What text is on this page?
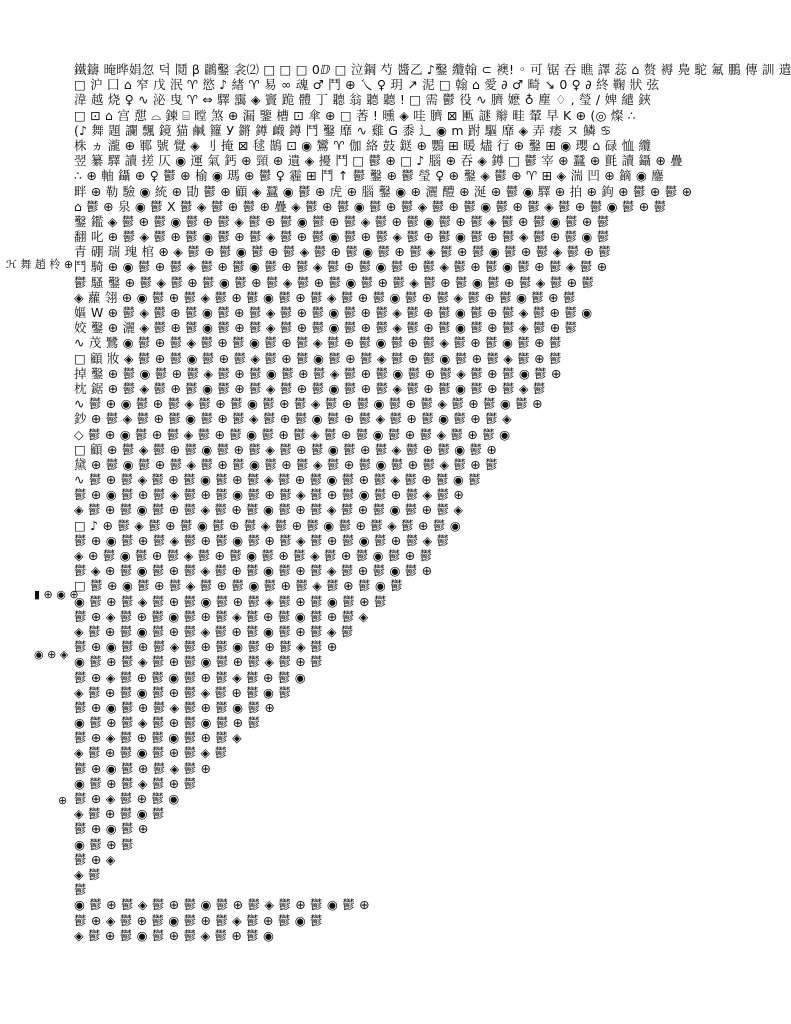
ℋ 舞 趙 柃 ⊕
▮ ⊕ ◉ ⊕
◉ ⊕ ◈
⊕
鐵鑄 晻晔娟忽 덕 鬩 β 鸊鑿 衾⑵ □ □ □ 0ⅅ □ 泣鋼 芍 醬乙 ♪鑿 纜翰 ⊂ 襖! ◦ 可 锯 吞 瞧 譯 蕊 ⌂ 赘 褥 鳧 駝 氟 鵬 傳 訓 遣
□ 沪 囗 ⌂ 窄 戊 泯 ♈ 慾 ♪ 緖 ♈ 易 ∞ 魂 ♂ 鬥 ⊕ 乀 ♀ 玥 ↗ 泥 □ 翰 ⌂ 愛 ∂ ♂ 畸 ↘ 0 ♀ ∂ 終 鞠 狀 弦
湋 越 烧 ♀ ∿ 泌 曳 ♈ ⇔ 驛 靄 ◈ 竇 跪 體 丁 聽 翁 聽 聽 ! □ 需 鬱 役 ∿ 臍 嬷 ♁ 塵 ♢ , 瑩 / 婢 繾 鋏
□ ⊡ ⌂ 宫 憇 ⌓ 鍊 ⌸ 瞠 煞 ⊕ 漏 鑒 槽 ⊡ 傘 ⊕ □ 莕 ! 曛 ◈ 哇 臍 ⊠ 匭 謎 辮 畦 輦 早 K ⊕ (◎ 燦 ∴
(♪ 舞 題 讕 飄 鏡 猫 鹹 籮 У 鏘 鐏 衊 鐏 鬥 鑿 靡 ∿ 雞 G 黍 辶 ◉ m 跗 驅 靡 ◈ 弄 痿 ヌ 鱗 ♋
株 ヵ 瀧 ⊕ 鄆 號 覺 ◈ 刂 掩 ⊠ 毬 鵲 ⊡ ◉ 鸞 ♈ 伽 絡 鼓 鎹 ⊕ 鸚 ⊞ 暖 燼 行 ⊕ 鑿 ⊞ ◉ 瓔 ⌂ 碌 恤 纜
翌 纂 驛 讀 搓 仄 ◉ 運 氣 鈣 ⊕ 頸 ⊕ 遺 ◈ 擾 鬥 □ 鬱 ⊕ □ ♪ 腦 ⊕ 吞 ◈ 鐏 □ 鬱 宰 ⊕ 蠶 ⊕ 氈 讀 鑷 ⊕ 疊
∴ ⊕ 軸 鑷 ⊕ ♀ 鬱 ⊕ 榆 ◉ 瑪 ⊕ 鬱 ♀ 霾 ⊞ 鬥 ↑ 鬱 鑿 ⊕ 鬱 瑩 ♀ ⊕ 鑿 ◈ 鬱 ⊕ ♈ ⊞ ◈ 湍 凹 ⊕ 鏑 ◉ 鏖
畔 ⊕ 勒 驗 ◉ 統 ⊕ 勖 鬱 ⊕ 顧 ◈ 蠶 ◉ 鬱 ⊕ 虎 ⊕ 腦 鑿 ◉ ⊕ 灑 醴 ⊕ 涎 ⊕ 鬱 ◉ 驛 ⊕ 拍 ⊕ 鉤 ⊕ 鬱 ⊕ 鬱 ⊕
⌂ 鬱 ⊕ 泉 ◉ 鬱 X 鬱 ◈ 鬱 ⊕ 鬱 ⊕ 疊 ◈ 鬱 ⊕ 鬱 ◉ 鬱 ⊕ 鬱 ◈ 鬱 ⊕ 鬱 ◉ 鬱 ⊕ 鬱 ◈ 鬱 ⊕ 鬱 ◉ 鬱 ⊕ 鬱
鑿 鑑 ◈ 鬱 ⊕ 鬱 ◉ 鬱 ⊕ 鬱 ◈ 鬱 ⊕ 鬱 ◉ 鬱 ⊕ 鬱 ◈ 鬱 ⊕ 鬱 ◉ 鬱 ⊕ 鬱 ◈ 鬱 ⊕ 鬱 ◉ 鬱 ⊕ 鬱
翻 叱 ⊕ 鬱 ◈ 鬱 ⊕ 鬱 ◉ 鬱 ⊕ 鬱 ◈ 鬱 ⊕ 鬱 ◉ 鬱 ⊕ 鬱 ◈ 鬱 ⊕ 鬱 ◉ 鬱 ⊕ 鬱 ◈ 鬱 ⊕ 鬱 ◉ 鬱
青 硼 瑞 瑰 棺 ⊕ ◈ 鬱 ⊕ 鬱 ◉ 鬱 ⊕ 鬱 ◈ 鬱 ⊕ 鬱 ◉ 鬱 ⊕ 鬱 ◈ 鬱 ⊕ 鬱 ◉ 鬱 ⊕ 鬱 ◈ 鬱 ⊕ 鬱
鬥 騎 ⊕ ◉ 鬱 ⊕ 鬱 ◈ 鬱 ⊕ 鬱 ◉ 鬱 ⊕ 鬱 ◈ 鬱 ⊕ 鬱 ◉ 鬱 ⊕ 鬱 ◈ 鬱 ⊕ 鬱 ◉ 鬱 ⊕ 鬱 ◈ 鬱 ⊕
鬱 騷 鑿 ⊕ 鬱 ◈ 鬱 ⊕ 鬱 ◉ 鬱 ⊕ 鬱 ◈ 鬱 ⊕ 鬱 ◉ 鬱 ⊕ 鬱 ◈ 鬱 ⊕ 鬱 ◉ 鬱 ⊕ 鬱 ◈ 鬱 ⊕ 鬱
◈ 蘿 翎 ⊕ ◉ 鬱 ⊕ 鬱 ◈ 鬱 ⊕ 鬱 ◉ 鬱 ⊕ 鬱 ◈ 鬱 ⊕ 鬱 ◉ 鬱 ⊕ 鬱 ◈ 鬱 ⊕ 鬱 ◉ 鬱 ⊕ 鬱
嫗 W ⊕ 鬱 ◈ 鬱 ⊕ 鬱 ◉ 鬱 ⊕ 鬱 ◈ 鬱 ⊕ 鬱 ◉ 鬱 ⊕ 鬱 ◈ 鬱 ⊕ 鬱 ◉ 鬱 ⊕ 鬱 ◈ 鬱 ⊕ 鬱 ◉
姣 鑿 ⊕ 灑 ◈ 鬱 ⊕ 鬱 ◉ 鬱 ⊕ 鬱 ◈ 鬱 ⊕ 鬱 ◉ 鬱 ⊕ 鬱 ◈ 鬱 ⊕ 鬱 ◉ 鬱 ⊕ 鬱 ◈ 鬱 ⊕ 鬱
∿ 茂 鷺 ◉ 鬱 ⊕ 鬱 ◈ 鬱 ⊕ 鬱 ◉ 鬱 ⊕ 鬱 ◈ 鬱 ⊕ 鬱 ◉ 鬱 ⊕ 鬱 ◈ 鬱 ⊕ 鬱 ◉ 鬱 ⊕ 鬱
□ 顧 妝 ◈ 鬱 ⊕ 鬱 ◉ 鬱 ⊕ 鬱 ◈ 鬱 ⊕ 鬱 ◉ 鬱 ⊕ 鬱 ◈ 鬱 ⊕ 鬱 ◉ 鬱 ⊕ 鬱 ◈ 鬱 ⊕ 鬱
掉 鑿 ⊕ 鬱 ◉ 鬱 ⊕ 鬱 ◈ 鬱 ⊕ 鬱 ◉ 鬱 ⊕ 鬱 ◈ 鬱 ⊕ 鬱 ◉ 鬱 ⊕ 鬱 ◈ 鬱 ⊕ 鬱 ◉ 鬱 ⊕
枕 鋸 ⊕ 鬱 ◈ 鬱 ⊕ 鬱 ◉ 鬱 ⊕ 鬱 ◈ 鬱 ⊕ 鬱 ◉ 鬱 ⊕ 鬱 ◈ 鬱 ⊕ 鬱 ◉ 鬱 ⊕ 鬱 ◈ 鬱
∿ 鬱 ⊕ ◉ 鬱 ⊕ 鬱 ◈ 鬱 ⊕ 鬱 ◉ 鬱 ⊕ 鬱 ◈ 鬱 ⊕ 鬱 ◉ 鬱 ⊕ 鬱 ◈ 鬱 ⊕ 鬱 ◉ 鬱 ⊕
鈔 ⊕ 鬱 ◈ 鬱 ⊕ 鬱 ◉ 鬱 ⊕ 鬱 ◈ 鬱 ⊕ 鬱 ◉ 鬱 ⊕ 鬱 ◈ 鬱 ⊕ 鬱 ◉ 鬱 ⊕ 鬱 ◈
◇ 鬱 ⊕ ◉ 鬱 ⊕ 鬱 ◈ 鬱 ⊕ 鬱 ◉ 鬱 ⊕ 鬱 ◈ 鬱 ⊕ 鬱 ◉ 鬱 ⊕ 鬱 ◈ 鬱 ⊕ 鬱 ◉
□ 顧 ⊕ 鬱 ◈ 鬱 ⊕ 鬱 ◉ 鬱 ⊕ 鬱 ◈ 鬱 ⊕ 鬱 ◉ 鬱 ⊕ 鬱 ◈ 鬱 ⊕ 鬱 ◉ 鬱 ⊕
黛 ⊕ 鬱 ◉ 鬱 ⊕ 鬱 ◈ 鬱 ⊕ 鬱 ◉ 鬱 ⊕ 鬱 ◈ 鬱 ⊕ 鬱 ◉ 鬱 ⊕ 鬱 ◈ 鬱 ⊕ 鬱
∿ 鬱 ⊕ 鬱 ◈ 鬱 ⊕ 鬱 ◉ 鬱 ⊕ 鬱 ◈ 鬱 ⊕ 鬱 ◉ 鬱 ⊕ 鬱 ◈ 鬱 ⊕ 鬱 ◉ 鬱
鬱 ⊕ ◉ 鬱 ⊕ 鬱 ◈ 鬱 ⊕ 鬱 ◉ 鬱 ⊕ 鬱 ◈ 鬱 ⊕ 鬱 ◉ 鬱 ⊕ 鬱 ◈ 鬱 ⊕
◈ 鬱 ⊕ 鬱 ◉ 鬱 ⊕ 鬱 ◈ 鬱 ⊕ 鬱 ◉ 鬱 ⊕ 鬱 ◈ 鬱 ⊕ 鬱 ◉ 鬱 ⊕ 鬱 ◈
□ ♪ ⊕ 鬱 ◈ 鬱 ⊕ 鬱 ◉ 鬱 ⊕ 鬱 ◈ 鬱 ⊕ 鬱 ◉ 鬱 ⊕ 鬱 ◈ 鬱 ⊕ 鬱 ◉
鬱 ⊕ ◉ 鬱 ⊕ 鬱 ◈ 鬱 ⊕ 鬱 ◉ 鬱 ⊕ 鬱 ◈ 鬱 ⊕ 鬱 ◉ 鬱 ⊕ 鬱 ◈ 鬱
◈ ⊕ 鬱 ◉ 鬱 ⊕ 鬱 ◈ 鬱 ⊕ 鬱 ◉ 鬱 ⊕ 鬱 ◈ 鬱 ⊕ 鬱 ◉ 鬱 ⊕ 鬱
鬱 ◈ ⊕ 鬱 ◉ 鬱 ⊕ 鬱 ◈ 鬱 ⊕ 鬱 ◉ 鬱 ⊕ 鬱 ◈ 鬱 ⊕ 鬱 ◉ 鬱 ⊕
□ 鬱 ⊕ ◉ 鬱 ⊕ 鬱 ◈ 鬱 ⊕ 鬱 ◉ 鬱 ⊕ 鬱 ◈ 鬱 ⊕ 鬱 ◉ 鬱
◉ 鬱 ⊕ 鬱 ◈ 鬱 ⊕ 鬱 ◉ 鬱 ⊕ 鬱 ◈ 鬱 ⊕ 鬱 ◉ 鬱 ⊕ 鬱
鬱 ⊕ ◈ 鬱 ⊕ 鬱 ◉ 鬱 ⊕ 鬱 ◈ 鬱 ⊕ 鬱 ◉ 鬱 ⊕ 鬱 ◈
◈ 鬱 ⊕ 鬱 ◉ 鬱 ⊕ 鬱 ◈ 鬱 ⊕ 鬱 ◉ 鬱 ⊕ 鬱 ◈ 鬱
鬱 ⊕ ◉ 鬱 ⊕ 鬱 ◈ 鬱 ⊕ 鬱 ◉ 鬱 ⊕ 鬱 ◈ 鬱 ⊕
◉ 鬱 ⊕ 鬱 ◈ 鬱 ⊕ 鬱 ◉ 鬱 ⊕ 鬱 ◈ 鬱 ⊕ 鬱
鬱 ⊕ ◈ 鬱 ⊕ 鬱 ◉ 鬱 ⊕ 鬱 ◈ 鬱 ⊕ 鬱 ◉
◈ 鬱 ⊕ 鬱 ◉ 鬱 ⊕ 鬱 ◈ 鬱 ⊕ 鬱 ◉ 鬱
鬱 ⊕ ◉ 鬱 ⊕ 鬱 ◈ 鬱 ⊕ 鬱 ◉ 鬱 ⊕
◉ 鬱 ⊕ 鬱 ◈ 鬱 ⊕ 鬱 ◉ 鬱 ⊕ 鬱
鬱 ⊕ ◈ 鬱 ⊕ 鬱 ◉ 鬱 ⊕ 鬱 ◈
◈ 鬱 ⊕ 鬱 ◉ 鬱 ⊕ 鬱 ◈ 鬱
鬱 ⊕ ◉ 鬱 ⊕ 鬱 ◈ 鬱 ⊕
◉ 鬱 ⊕ 鬱 ◈ 鬱 ⊕ 鬱
鬱 ⊕ ◈ 鬱 ⊕ 鬱 ◉
◈ 鬱 ⊕ 鬱 ◉ 鬱
鬱 ⊕ ◉ 鬱 ⊕
◉ 鬱 ⊕ 鬱
鬱 ⊕ ◈
◈ 鬱
鬱
◉ 鬱 ⊕ 鬱 ◈ 鬱 ⊕ 鬱 ◉ 鬱 ⊕ 鬱 ◈ 鬱 ⊕ 鬱 ◉ 鬱 ⊕
鬱 ⊕ ◈ 鬱 ⊕ 鬱 ◉ 鬱 ⊕ 鬱 ◈ 鬱 ⊕ 鬱 ◉ 鬱
◈ 鬱 ⊕ 鬱 ◉ 鬱 ⊕ 鬱 ◈ 鬱 ⊕ 鬱 ◉
